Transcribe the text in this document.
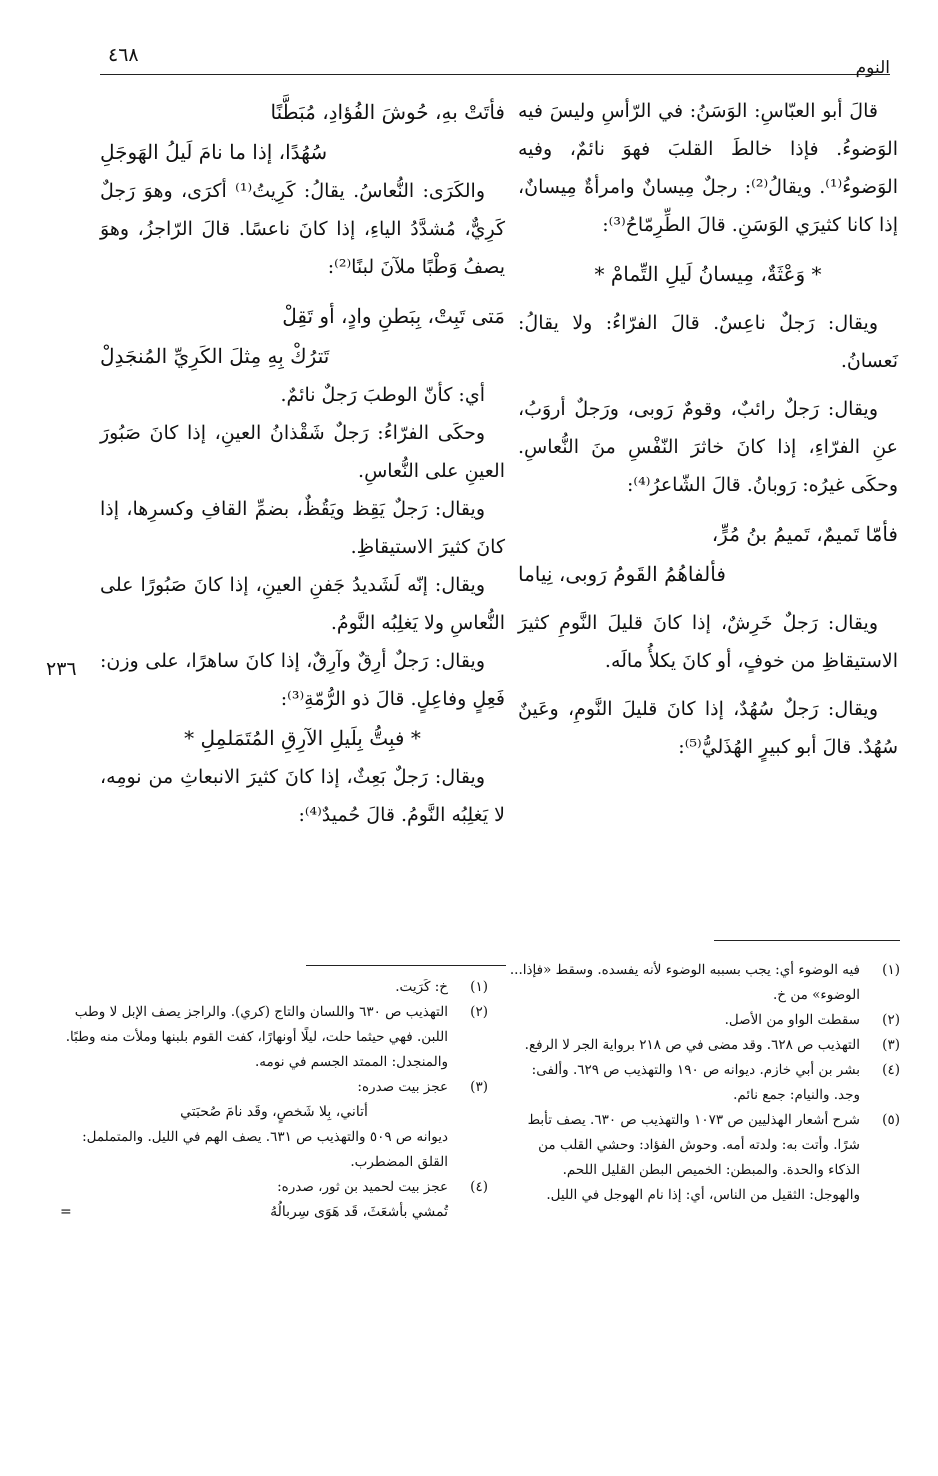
النوم
٤٦٨

قالَ أبو العبّاسِ: الوَسَنُ: في الرّأسِ وليسَ فيه الوَضوءُ. فإذا خالطَ القلبَ فهوَ نائمٌ، وفيه الوَضوءُ⁽¹⁾. ويقالُ⁽²⁾: رجلٌ مِيسانٌ وامرأةٌ مِيسانٌ، إذا كانا كثيرَي الوَسَنِ. قالَ الطِّرِمّاحُ⁽³⁾:

* وَعْثَةٌ، مِيسانُ لَيلِ التِّمامْ *

ويقال: رَجلٌ ناعِسٌ. قالَ الفرّاءُ: ولا يقالُ: نَعسانُ.

ويقال: رَجلٌ رائبٌ، وقومٌ رَوبى، ورَجلٌ أروَبُ، عنِ الفرّاءِ، إذا كانَ خاثرَ النّفْسِ منَ النُّعاسِ. وحكَى غيرُه: رَوبانُ. قالَ الشّاعرُ⁽⁴⁾:

فأمّا تَميمٌ، تَميمُ بنُ مُرٍّ،

فألفاهُمُ القَومُ رَوبى، نِياما

ويقال: رَجلٌ خَرِشٌ، إذا كانَ قليلَ النَّومِ كثيرَ الاستيقاظِ من خوفٍ، أو كانَ يكلأُ مالَه.

ويقال: رَجلٌ سُهُدٌ، إذا كانَ قليلَ النَّومِ، وعَينٌ سُهُدٌ. قالَ أبو كبيرٍ الهُذَليُّ⁽⁵⁾:

فأتَتْ بهِ، حُوشَ الفُؤادِ، مُبَطَّنًا

سُهُدًا، إذا ما نامَ لَيلُ الهَوجَلِ

والكَرَى: النُّعاسُ. يقالُ: كَرِيتُ⁽¹⁾ أكرَى، وهوَ رَجلٌ كَرِيٌّ، مُشدَّدُ الياءِ، إذا كانَ ناعسًا. قالَ الرّاجزُ، وهوَ يصفُ وَطْبًا ملآنَ لبنًا⁽²⁾:

مَتى تَبِتْ، بِبَطنِ وادٍ، أو تَقِلْ

تَترُكْ بِهِ مِثلَ الكَرِيِّ المُنجَدِلْ

أي: كأنّ الوطبَ رَجلٌ نائمٌ.

وحكَى الفرّاءُ: رَجلٌ شَقْذانُ العينِ، إذا كانَ صَبُورَ العينِ على النُّعاسِ.

ويقال: رَجلٌ يَقِظ ويَقُظٌ، بضمِّ القافِ وكسرِها، إذا كانَ كثيرَ الاستيقاظِ.

ويقال: إنّه لَشَديدُ جَفنِ العينِ، إذا كانَ صَبُورًا على النُّعاسِ ولا يَغلِبُه النَّومُ.

ويقال: رَجلٌ أرِقٌ وآرِقٌ، إذا كانَ ساهرًا، على وزن: فَعِلٍ وفاعِلٍ. قالَ ذو الرُّمّةِ⁽³⁾:

* فبِتُّ بِلَيلِ الآرِقِ المُتَمَلمِلِ *

ويقال: رَجلٌ بَعِثٌ، إذا كانَ كثيرَ الانبعاثِ من نومِه، لا يَغلِبُه النَّومُ. قالَ حُميدٌ⁽⁴⁾:

٢٣٦
(١)
فيه الوضوء أي: يجب بسببه الوضوء لأنه يفسده. وسقط «فإذا... الوضوء» من خ.
(٢)
سقطت الواو من الأصل.
(٣)
التهذيب ص ٦٢٨. وقد مضى في ص ٢١٨ برواية الجر لا الرفع.
(٤)
بشر بن أبي خازم. ديوانه ص ١٩٠ والتهذيب ص ٦٢٩. وألفى: وجد. والنيام: جمع نائم.
(٥)
شرح أشعار الهذليين ص ١٠٧٣ والتهذيب ص ٦٣٠. يصف تأبط شرًا. وأتت به: ولدته أمه. وحوش الفؤاد: وحشي القلب من الذكاء والحدة. والمبطن: الخميص البطن القليل اللحم. والهوجل: الثقيل من الناس، أي: إذا نام الهوجل في الليل.
(١)
خ: كَرَيت.
(٢)
التهذيب ص ٦٣٠ واللسان والتاج (كري). والراجز يصف الإبل لا وطب اللبن. فهي حيثما حلت، ليلًا أونهارًا، كفت القوم بلبنها وملأت منه وطبًا. والمنجدل: الممتد الجسم في نومه.
(٣)
عجز بيت صدره:
أتاني، بِلا شَخصٍ، وقَد نامَ صُحبَتي
ديوانه ص ٥٠٩ والتهذيب ص ٦٣١. يصف الهم في الليل. والمتململ: القلق المضطرب.
(٤)
عجز بيت لحميد بن ثور، صدره:
تُمشي بأشعَثَ، قَد هَوَى سِربالُهُ
=
